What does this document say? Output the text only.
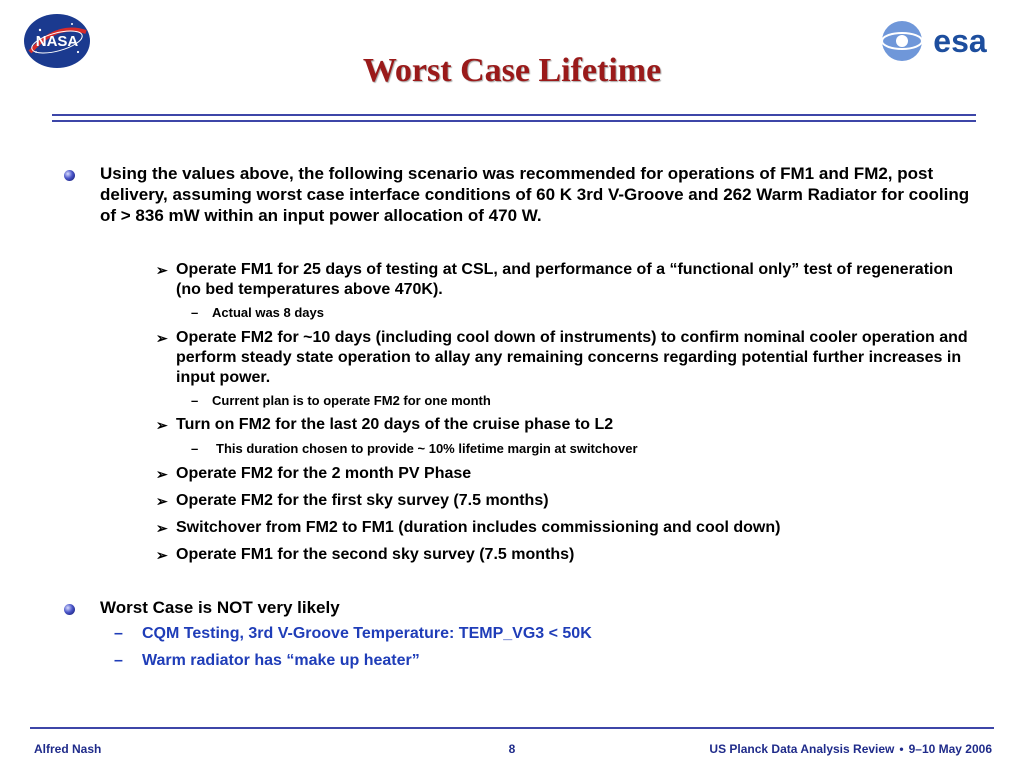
NASA	esa
Worst Case Lifetime
Using the values above, the following scenario was recommended for operations of FM1 and FM2, post delivery, assuming worst case interface conditions of 60 K 3rd V-Groove and 262 Warm Radiator for cooling of > 836 mW within an input power allocation of 470 W.
➢ Operate FM1 for 25 days of testing at CSL, and performance of a “functional only” test of regeneration (no bed temperatures above 470K).
– Actual was 8 days
➢ Operate FM2 for ~10 days (including cool down of instruments) to confirm nominal cooler operation and perform steady state operation to allay any remaining concerns regarding potential further increases in input power.
– Current plan is to operate FM2 for one month
➢ Turn on FM2 for the last 20 days of the cruise phase to L2
– This duration chosen to provide ~ 10% lifetime margin at switchover
➢ Operate FM2 for the 2 month PV Phase
➢ Operate FM2 for the first sky survey (7.5 months)
➢ Switchover from FM2 to FM1 (duration includes commissioning and cool down)
➢ Operate FM1 for the second sky survey (7.5 months)
Worst Case is NOT very likely
– CQM Testing, 3rd V-Groove Temperature: TEMP_VG3 < 50K
– Warm radiator has “make up heater”
Alfred Nash	8	US Planck Data Analysis Review • 9–10 May 2006
